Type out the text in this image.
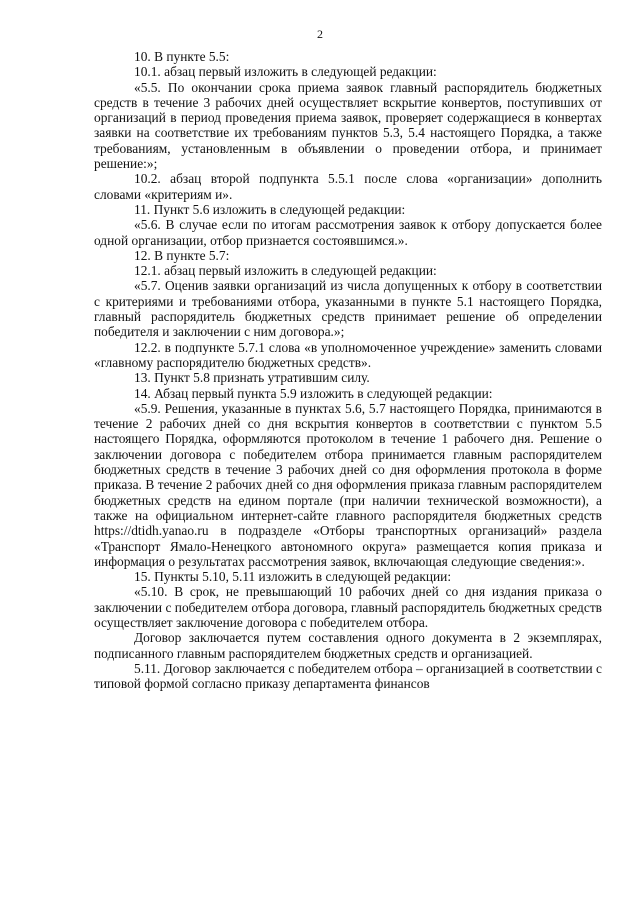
2

10. В пункте 5.5:

10.1. абзац первый изложить в следующей редакции:

«5.5. По окончании срока приема заявок главный распорядитель бюджетных средств в течение 3 рабочих дней осуществляет вскрытие конвертов, поступивших от организаций в период проведения приема заявок, проверяет содержащиеся в конвертах заявки на соответствие их требованиям пунктов 5.3, 5.4 настоящего Порядка, а также требованиям, установленным в объявлении о проведении отбора, и принимает решение:»;

10.2. абзац второй подпункта 5.5.1 после слова «организации» дополнить словами «критериям и».

11. Пункт 5.6 изложить в следующей редакции:

«5.6. В случае если по итогам рассмотрения заявок к отбору допускается более одной организации, отбор признается состоявшимся.».

12. В пункте 5.7:

12.1. абзац первый изложить в следующей редакции:

«5.7. Оценив заявки организаций из числа допущенных к отбору в соответствии с критериями и требованиями отбора, указанными в пункте 5.1 настоящего Порядка, главный распорядитель бюджетных средств принимает решение об определении победителя и заключении с ним договора.»;

12.2. в подпункте 5.7.1 слова «в уполномоченное учреждение» заменить словами «главному распорядителю бюджетных средств».

13. Пункт 5.8 признать утратившим силу.

14. Абзац первый пункта 5.9 изложить в следующей редакции:

«5.9. Решения, указанные в пунктах 5.6, 5.7 настоящего Порядка, принимаются в течение 2 рабочих дней со дня вскрытия конвертов в соответствии с пунктом 5.5 настоящего Порядка, оформляются протоколом в течение 1 рабочего дня. Решение о заключении договора с победителем отбора принимается главным распорядителем бюджетных средств в течение 3 рабочих дней со дня оформления протокола в форме приказа. В течение 2 рабочих дней со дня оформления приказа главным распорядителем бюджетных средств на едином портале (при наличии технической возможности), а также на официальном интернет-сайте главного распорядителя бюджетных средств https://dtidh.yanao.ru в подразделе «Отборы транспортных организаций» раздела «Транспорт Ямало-Ненецкого автономного округа» размещается копия приказа и информация о результатах рассмотрения заявок, включающая следующие сведения:».

15. Пункты 5.10, 5.11 изложить в следующей редакции:

«5.10. В срок, не превышающий 10 рабочих дней со дня издания приказа о заключении с победителем отбора договора, главный распорядитель бюджетных средств осуществляет заключение договора с победителем отбора.

Договор заключается путем составления одного документа в 2 экземплярах, подписанного главным распорядителем бюджетных средств и организацией.

5.11. Договор заключается с победителем отбора – организацией в соответствии с типовой формой согласно приказу департамента финансов
